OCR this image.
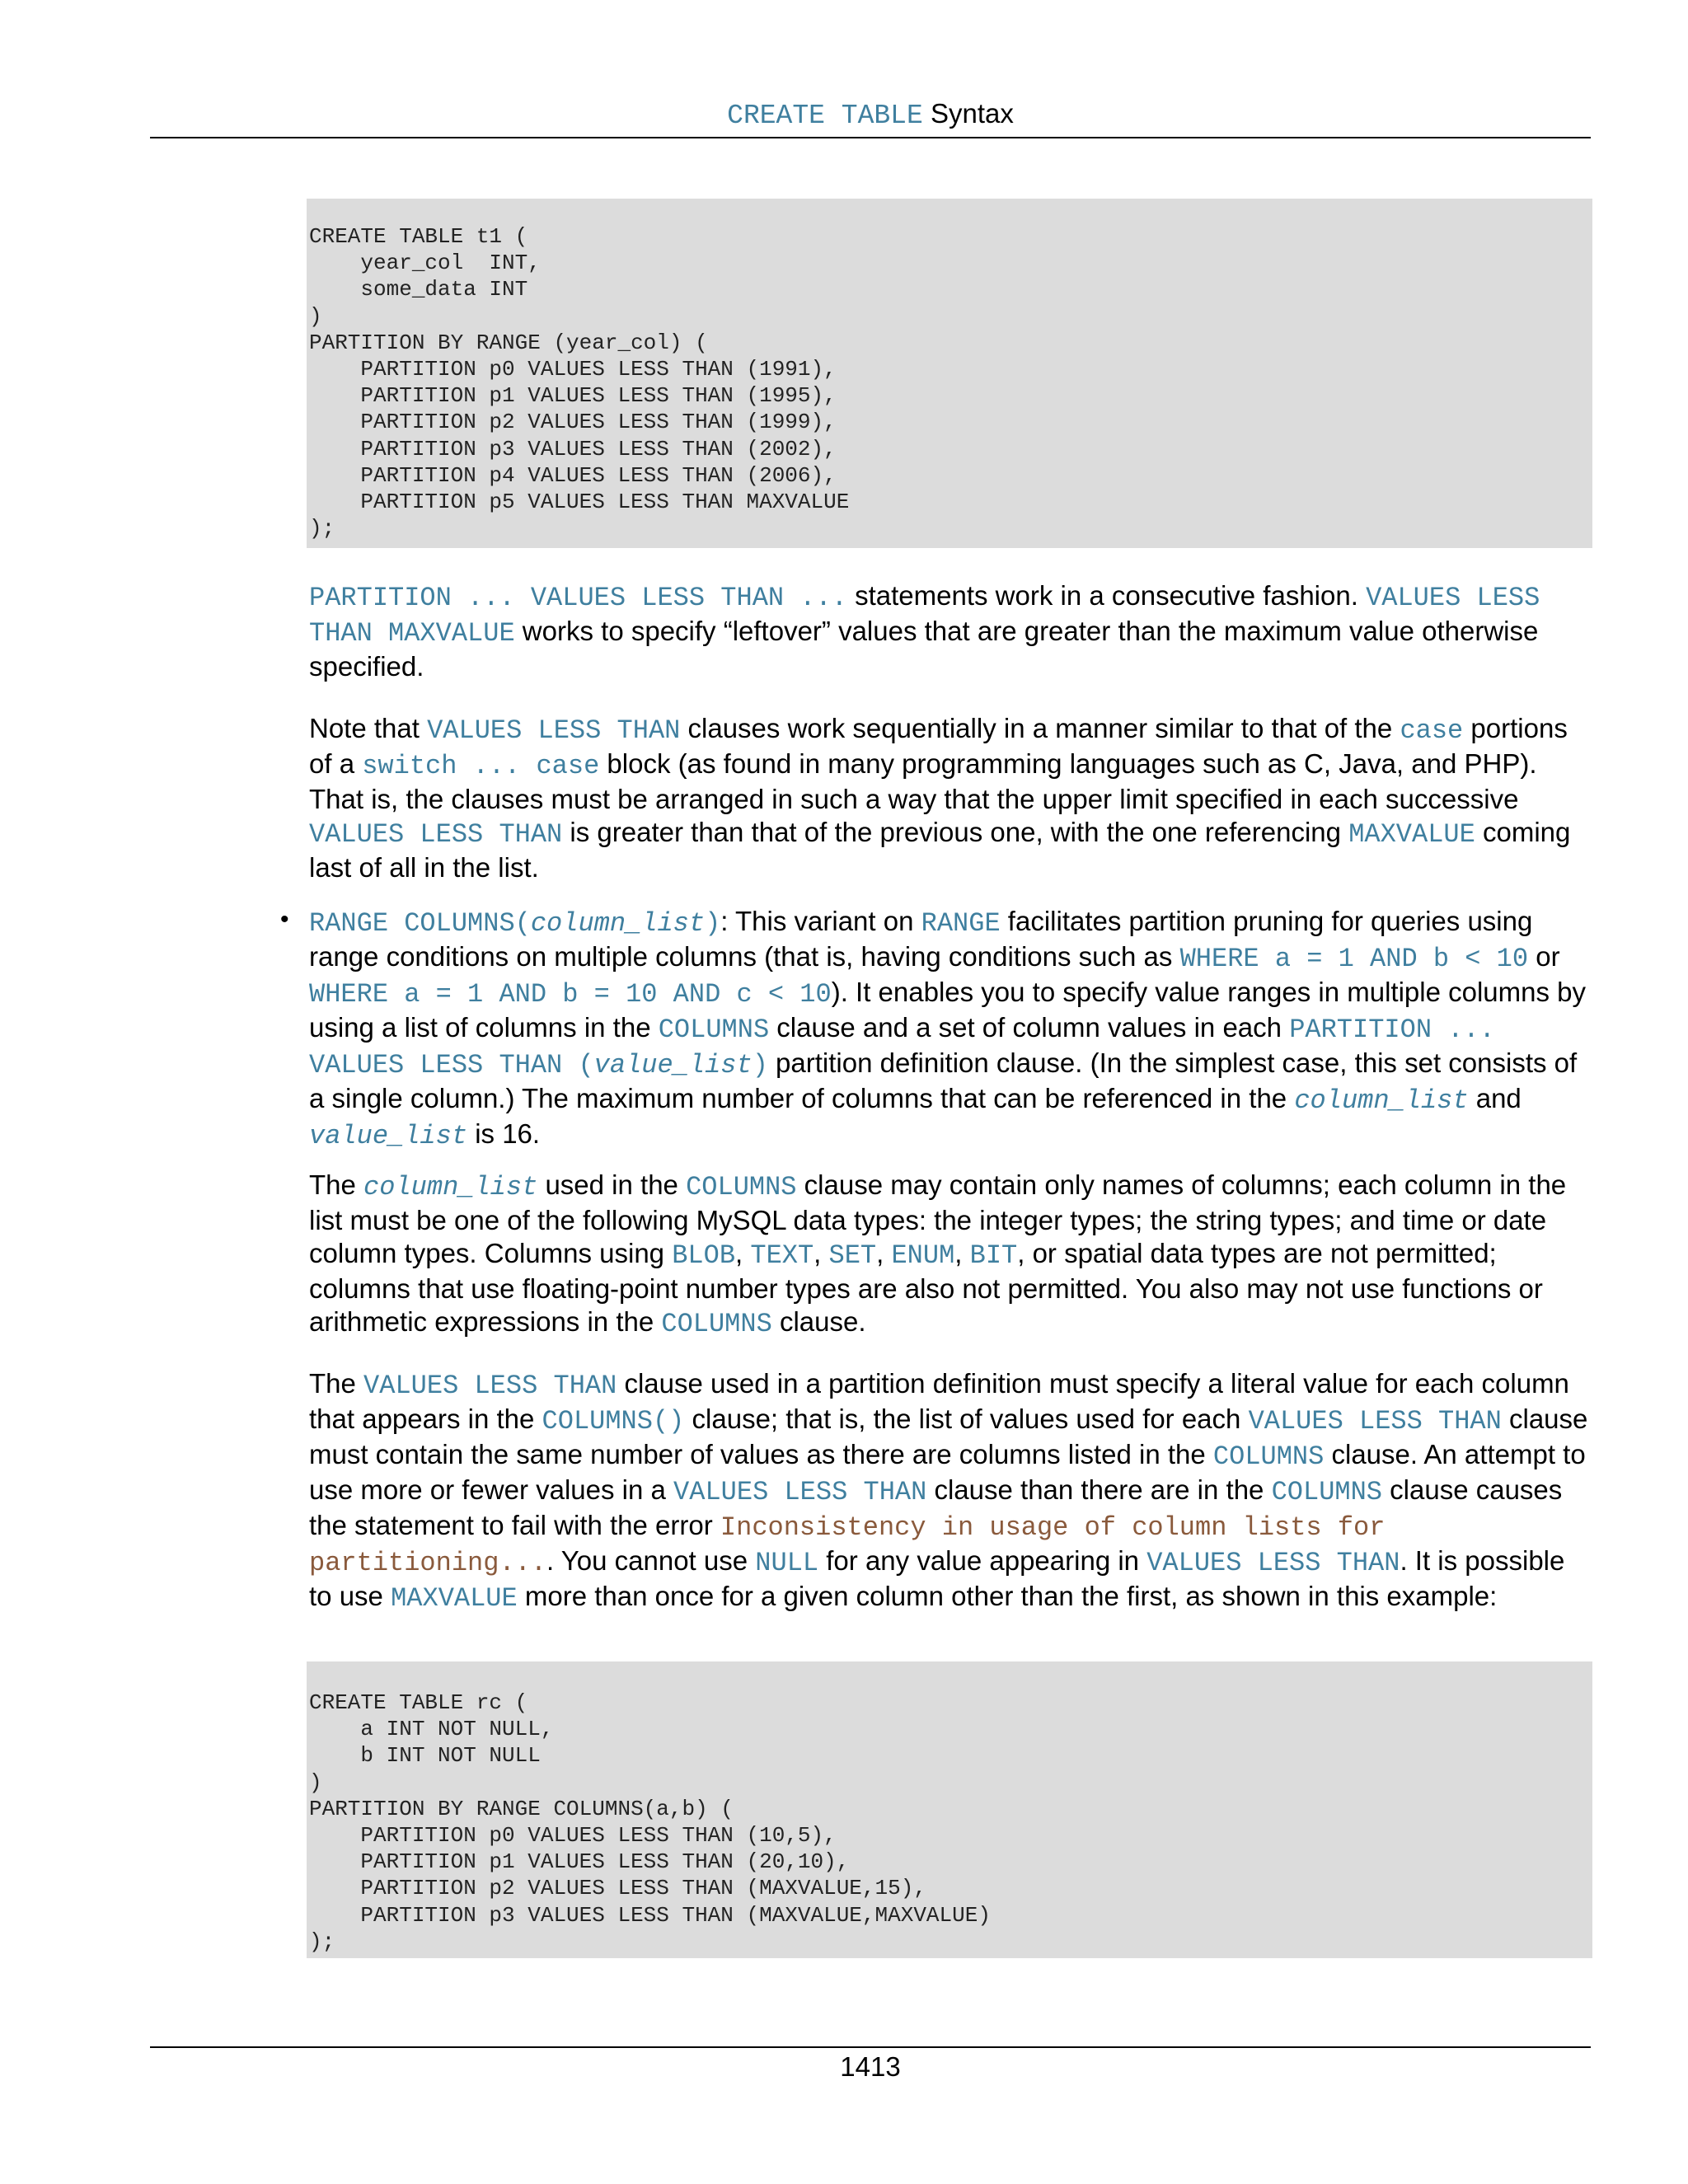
CREATE TABLE Syntax
CREATE TABLE t1 (
year_col  INT,
some_data INT
)
PARTITION BY RANGE (year_col) (
PARTITION p0 VALUES LESS THAN (1991),
PARTITION p1 VALUES LESS THAN (1995),
PARTITION p2 VALUES LESS THAN (1999),
PARTITION p3 VALUES LESS THAN (2002),
PARTITION p4 VALUES LESS THAN (2006),
PARTITION p5 VALUES LESS THAN MAXVALUE
);
PARTITION ... VALUES LESS THAN ... statements work in a consecutive fashion. VALUES LESS THAN MAXVALUE works to specify “leftover” values that are greater than the maximum value otherwise specified.
Note that VALUES LESS THAN clauses work sequentially in a manner similar to that of the case portions of a switch ... case block (as found in many programming languages such as C, Java, and PHP). That is, the clauses must be arranged in such a way that the upper limit specified in each successive VALUES LESS THAN is greater than that of the previous one, with the one referencing MAXVALUE coming last of all in the list.
• RANGE COLUMNS(column_list): This variant on RANGE facilitates partition pruning for queries using range conditions on multiple columns (that is, having conditions such as WHERE a = 1 AND b < 10 or WHERE a = 1 AND b = 10 AND c < 10). It enables you to specify value ranges in multiple columns by using a list of columns in the COLUMNS clause and a set of column values in each PARTITION ... VALUES LESS THAN (value_list) partition definition clause. (In the simplest case, this set consists of a single column.) The maximum number of columns that can be referenced in the column_list and value_list is 16.
The column_list used in the COLUMNS clause may contain only names of columns; each column in the list must be one of the following MySQL data types: the integer types; the string types; and time or date column types. Columns using BLOB, TEXT, SET, ENUM, BIT, or spatial data types are not permitted; columns that use floating-point number types are also not permitted. You also may not use functions or arithmetic expressions in the COLUMNS clause.
The VALUES LESS THAN clause used in a partition definition must specify a literal value for each column that appears in the COLUMNS() clause; that is, the list of values used for each VALUES LESS THAN clause must contain the same number of values as there are columns listed in the COLUMNS clause. An attempt to use more or fewer values in a VALUES LESS THAN clause than there are in the COLUMNS clause causes the statement to fail with the error Inconsistency in usage of column lists for partitioning.... You cannot use NULL for any value appearing in VALUES LESS THAN. It is possible to use MAXVALUE more than once for a given column other than the first, as shown in this example:
CREATE TABLE rc (
a INT NOT NULL,
b INT NOT NULL
)
PARTITION BY RANGE COLUMNS(a,b) (
PARTITION p0 VALUES LESS THAN (10,5),
PARTITION p1 VALUES LESS THAN (20,10),
PARTITION p2 VALUES LESS THAN (MAXVALUE,15),
PARTITION p3 VALUES LESS THAN (MAXVALUE,MAXVALUE)
);
1413
